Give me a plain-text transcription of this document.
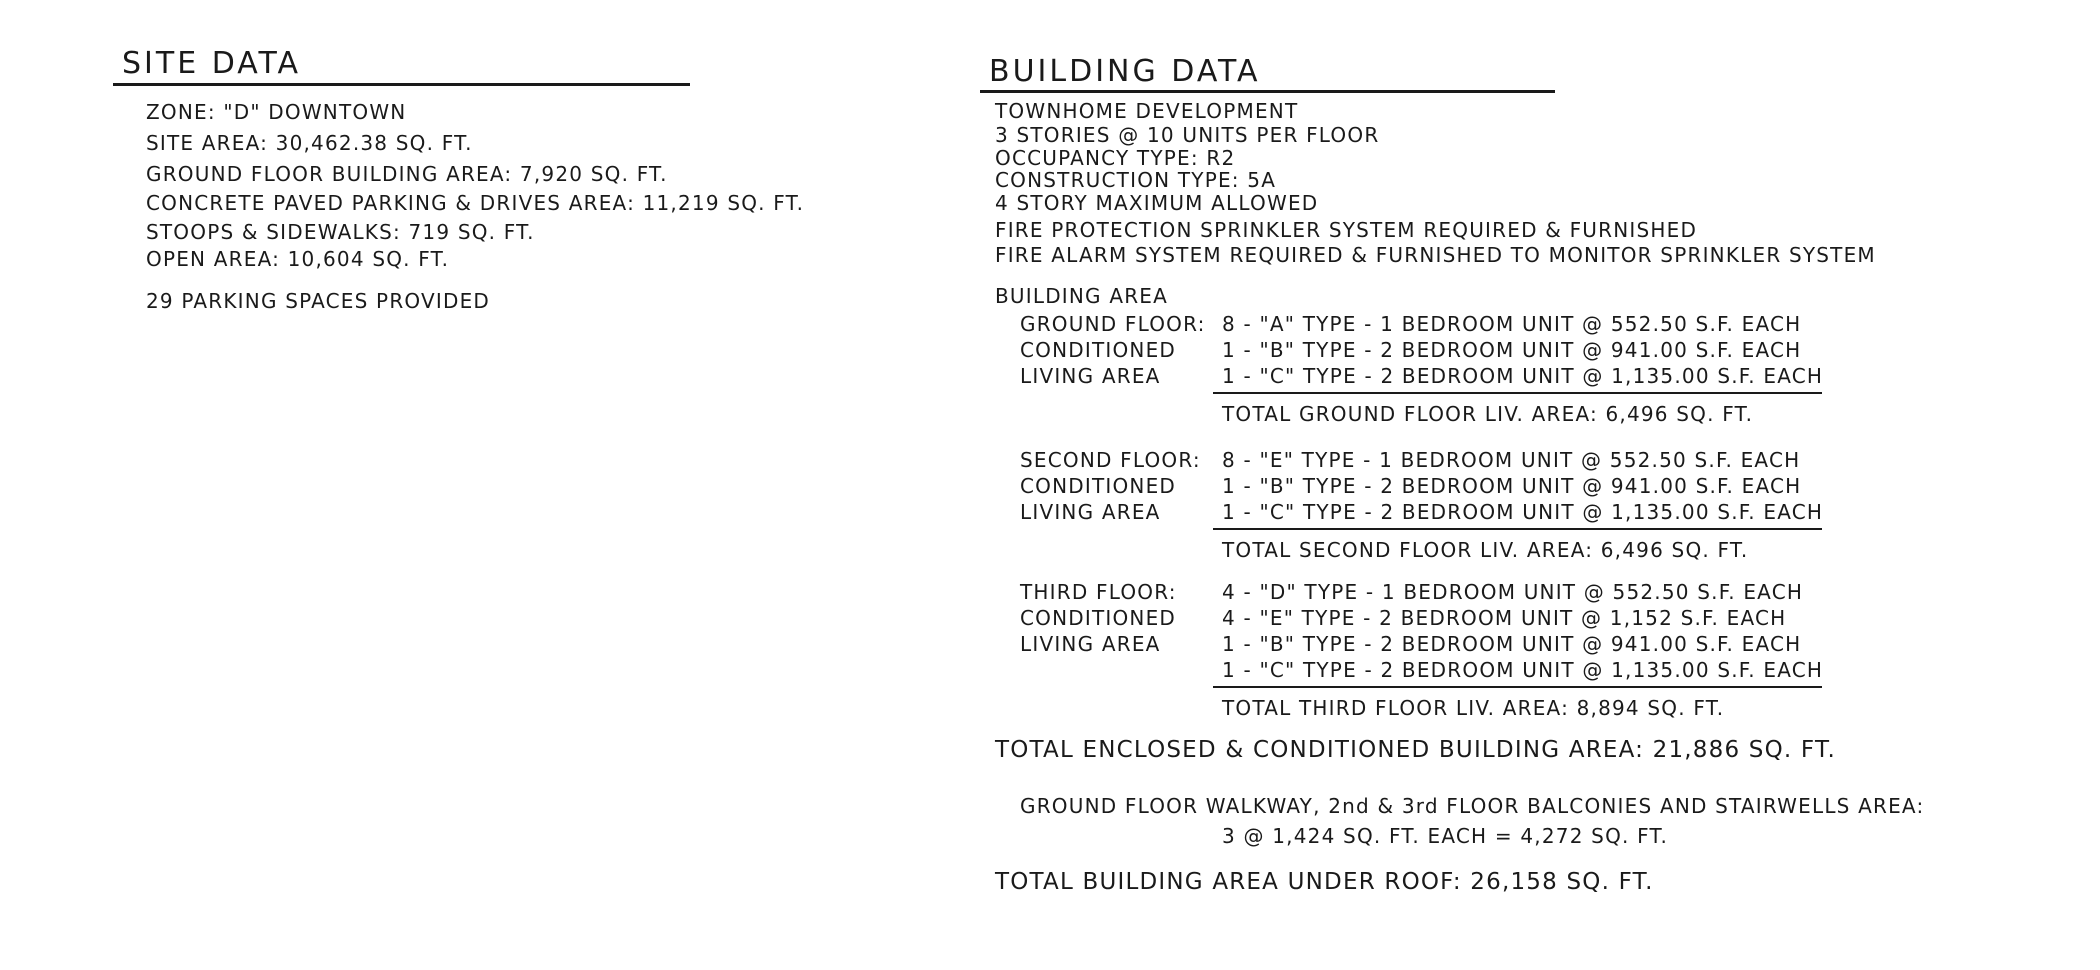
SITE DATA
ZONE: "D" DOWNTOWN
SITE AREA: 30,462.38 SQ. FT.
GROUND FLOOR BUILDING AREA: 7,920 SQ. FT.
CONCRETE PAVED PARKING & DRIVES AREA: 11,219 SQ. FT.
STOOPS & SIDEWALKS: 719 SQ. FT.
OPEN AREA: 10,604 SQ. FT.
29 PARKING SPACES PROVIDED
BUILDING DATA
TOWNHOME DEVELOPMENT
3 STORIES @ 10 UNITS PER FLOOR
OCCUPANCY TYPE: R2
CONSTRUCTION TYPE: 5A
4 STORY MAXIMUM ALLOWED
FIRE PROTECTION SPRINKLER SYSTEM REQUIRED & FURNISHED
FIRE ALARM SYSTEM REQUIRED & FURNISHED TO MONITOR SPRINKLER SYSTEM
BUILDING AREA
GROUND FLOOR:
CONDITIONED
LIVING AREA
8 - "A" TYPE - 1 BEDROOM UNIT @ 552.50 S.F. EACH
1 - "B" TYPE - 2 BEDROOM UNIT @ 941.00 S.F. EACH
1 - "C" TYPE - 2 BEDROOM UNIT @ 1,135.00 S.F. EACH
TOTAL GROUND FLOOR LIV. AREA: 6,496 SQ. FT.
SECOND FLOOR:
CONDITIONED
LIVING AREA
8 - "E" TYPE - 1 BEDROOM UNIT @ 552.50 S.F. EACH
1 - "B" TYPE - 2 BEDROOM UNIT @ 941.00 S.F. EACH
1 - "C" TYPE - 2 BEDROOM UNIT @ 1,135.00 S.F. EACH
TOTAL SECOND FLOOR LIV. AREA: 6,496 SQ. FT.
THIRD FLOOR:
CONDITIONED
LIVING AREA
4 - "D" TYPE - 1 BEDROOM UNIT @ 552.50 S.F. EACH
4 - "E" TYPE - 2 BEDROOM UNIT @ 1,152 S.F. EACH
1 - "B" TYPE - 2 BEDROOM UNIT @ 941.00 S.F. EACH
1 - "C" TYPE - 2 BEDROOM UNIT @ 1,135.00 S.F. EACH
TOTAL THIRD FLOOR LIV. AREA: 8,894 SQ. FT.
TOTAL ENCLOSED & CONDITIONED BUILDING AREA: 21,886 SQ. FT.
GROUND FLOOR WALKWAY, 2nd & 3rd FLOOR BALCONIES AND STAIRWELLS AREA:
3 @ 1,424 SQ. FT. EACH = 4,272 SQ. FT.
TOTAL BUILDING AREA UNDER ROOF: 26,158 SQ. FT.
